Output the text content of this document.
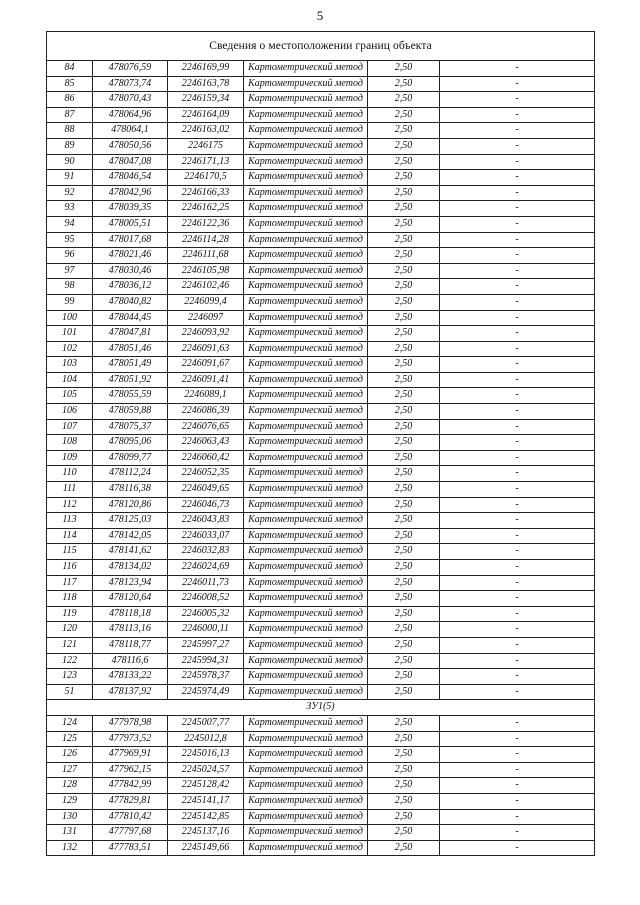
5
Сведения о местоположении границ объекта					
84	478076,59	2246169,99	Картометрический метод	2,50	-
85	478073,74	2246163,78	Картометрический метод	2,50	-
86	478070,43	2246159,34	Картометрический метод	2,50	-
87	478064,96	2246164,09	Картометрический метод	2,50	-
88	478064,1	2246163,02	Картометрический метод	2,50	-
89	478050,56	2246175	Картометрический метод	2,50	-
90	478047,08	2246171,13	Картометрический метод	2,50	-
91	478046,54	2246170,5	Картометрический метод	2,50	-
92	478042,96	2246166,33	Картометрический метод	2,50	-
93	478039,35	2246162,25	Картометрический метод	2,50	-
94	478005,51	2246122,36	Картометрический метод	2,50	-
95	478017,68	2246114,28	Картометрический метод	2,50	-
96	478021,46	2246111,68	Картометрический метод	2,50	-
97	478030,46	2246105,98	Картометрический метод	2,50	-
98	478036,12	2246102,46	Картометрический метод	2,50	-
99	478040,82	2246099,4	Картометрический метод	2,50	-
100	478044,45	2246097	Картометрический метод	2,50	-
101	478047,81	2246093,92	Картометрический метод	2,50	-
102	478051,46	2246091,63	Картометрический метод	2,50	-
103	478051,49	2246091,67	Картометрический метод	2,50	-
104	478051,92	2246091,41	Картометрический метод	2,50	-
105	478055,59	2246089,1	Картометрический метод	2,50	-
106	478059,88	2246086,39	Картометрический метод	2,50	-
107	478075,37	2246076,65	Картометрический метод	2,50	-
108	478095,06	2246063,43	Картометрический метод	2,50	-
109	478099,77	2246060,42	Картометрический метод	2,50	-
110	478112,24	2246052,35	Картометрический метод	2,50	-
111	478116,38	2246049,65	Картометрический метод	2,50	-
112	478120,86	2246046,73	Картометрический метод	2,50	-
113	478125,03	2246043,83	Картометрический метод	2,50	-
114	478142,05	2246033,07	Картометрический метод	2,50	-
115	478141,62	2246032,83	Картометрический метод	2,50	-
116	478134,02	2246024,69	Картометрический метод	2,50	-
117	478123,94	2246011,73	Картометрический метод	2,50	-
118	478120,64	2246008,52	Картометрический метод	2,50	-
119	478118,18	2246005,32	Картометрический метод	2,50	-
120	478113,16	2246000,11	Картометрический метод	2,50	-
121	478118,77	2245997,27	Картометрический метод	2,50	-
122	478116,6	2245994,31	Картометрический метод	2,50	-
123	478133,22	2245978,37	Картометрический метод	2,50	-
51	478137,92	2245974,49	Картометрический метод	2,50	-
ЗУ1(5)					
124	477978,98	2245007,77	Картометрический метод	2,50	-
125	477973,52	2245012,8	Картометрический метод	2,50	-
126	477969,91	2245016,13	Картометрический метод	2,50	-
127	477962,15	2245024,57	Картометрический метод	2,50	-
128	477842,99	2245128,42	Картометрический метод	2,50	-
129	477829,81	2245141,17	Картометрический метод	2,50	-
130	477810,42	2245142,85	Картометрический метод	2,50	-
131	477797,68	2245137,16	Картометрический метод	2,50	-
132	477783,51	2245149,66	Картометрический метод	2,50	-
